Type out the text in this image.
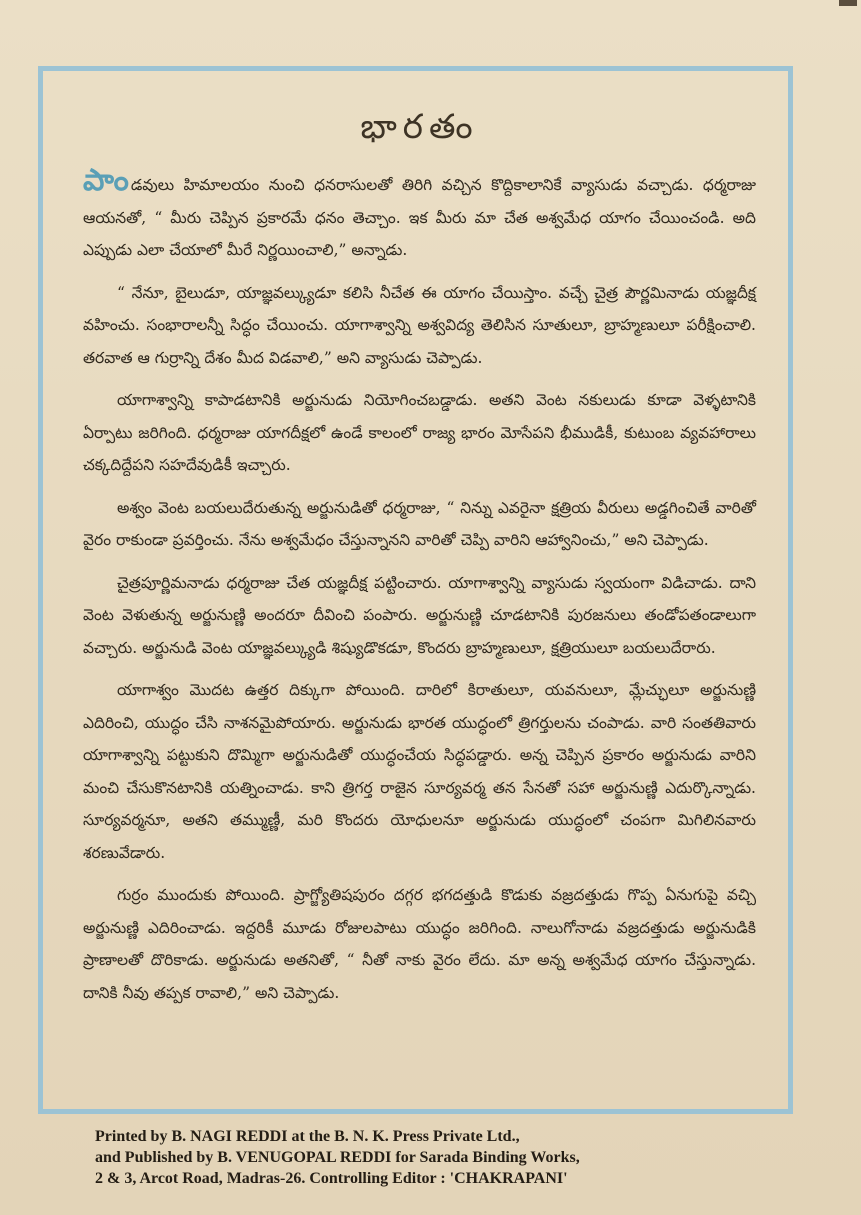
భారతం

పాండవులు హిమాలయం నుంచి ధనరాసులతో తిరిగి వచ్చిన కొద్దికాలానికే వ్యాసుడు వచ్చాడు. ధర్మరాజు ఆయనతో, “ మీరు చెప్పిన ప్రకారమే ధనం తెచ్చాం. ఇక మీరు మా చేత అశ్వమేధ యాగం చేయించండి. అది ఎప్పుడు ఎలా చేయాలో మీరే నిర్ణయించాలి,” అన్నాడు.

“ నేనూ, బైలుడూ, యాజ్ఞవల్క్యుడూ కలిసి నీచేత ఈ యాగం చేయిస్తాం. వచ్చే చైత్ర పౌర్ణమినాడు యజ్ఞదీక్ష వహించు. సంభారాలన్నీ సిద్ధం చేయించు. యాగాశ్వాన్ని అశ్వవిద్య తెలిసిన సూతులూ, బ్రాహ్మణులూ పరీక్షించాలి. తరవాత ఆ గుర్రాన్ని దేశం మీద విడవాలి,” అని వ్యాసుడు చెప్పాడు.

యాగాశ్వాన్ని కాపాడటానికి అర్జునుడు నియోగించబడ్డాడు. అతని వెంట నకులుడు కూడా వెళ్ళటానికి ఏర్పాటు జరిగింది. ధర్మరాజు యాగదీక్షలో ఉండే కాలంలో రాజ్య భారం మోసేపని భీముడికీ, కుటుంబ వ్యవహారాలు చక్కదిద్దేపని సహదేవుడికీ ఇచ్చారు.

అశ్వం వెంట బయలుదేరుతున్న అర్జునుడితో ధర్మరాజు, “ నిన్ను ఎవరైనా క్షత్రియ వీరులు అడ్డగించితే వారితో వైరం రాకుండా ప్రవర్తించు. నేను అశ్వమేధం చేస్తున్నానని వారితో చెప్పి వారిని ఆహ్వానించు,” అని చెప్పాడు.

చైత్రపూర్ణిమనాడు ధర్మరాజు చేత యజ్ఞదీక్ష పట్టించారు. యాగాశ్వాన్ని వ్యాసుడు స్వయంగా విడిచాడు. దాని వెంట వెళుతున్న అర్జునుణ్ణి అందరూ దీవించి పంపారు. అర్జునుణ్ణి చూడటానికి పురజనులు తండోపతండాలుగా వచ్చారు. అర్జునుడి వెంట యాజ్ఞవల్క్యుడి శిష్యుడొకడూ, కొందరు బ్రాహ్మణులూ, క్షత్రియులూ బయలుదేరారు.

యాగాశ్వం మొదట ఉత్తర దిక్కుగా పోయింది. దారిలో కిరాతులూ, యవనులూ, మ్లేచ్ఛులూ అర్జునుణ్ణి ఎదిరించి, యుద్ధం చేసి నాశనమైపోయారు. అర్జునుడు భారత యుద్ధంలో త్రిగర్తులను చంపాడు. వారి సంతతివారు యాగాశ్వాన్ని పట్టుకుని దొమ్మిగా అర్జునుడితో యుద్ధంచేయ సిద్ధపడ్డారు. అన్న చెప్పిన ప్రకారం అర్జునుడు వారిని మంచి చేసుకొనటానికి యత్నించాడు. కాని త్రిగర్త రాజైన సూర్యవర్మ తన సేనతో సహా అర్జునుణ్ణి ఎదుర్కొన్నాడు. సూర్యవర్మనూ, అతని తమ్ముణ్ణీ, మరి కొందరు యోధులనూ అర్జునుడు యుద్ధంలో చంపగా మిగిలినవారు శరణువేడారు.

గుర్రం ముందుకు పోయింది. ప్రాగ్జ్యోతిషపురం దగ్గర భగదత్తుడి కొడుకు వజ్రదత్తుడు గొప్ప ఏనుగుపై వచ్చి అర్జునుణ్ణి ఎదిరించాడు. ఇద్దరికీ మూడు రోజులపాటు యుద్ధం జరిగింది. నాలుగోనాడు వజ్రదత్తుడు అర్జునుడికి ప్రాణాలతో దొరికాడు. అర్జునుడు అతనితో, “ నీతో నాకు వైరం లేదు. మా అన్న అశ్వమేధ యాగం చేస్తున్నాడు. దానికి నీవు తప్పక రావాలి,” అని చెప్పాడు.

Printed by B. NAGI REDDI at the B. N. K. Press Private Ltd.,
and Published by B. VENUGOPAL REDDI for Sarada Binding Works,
2 & 3, Arcot Road, Madras-26. Controlling Editor : 'CHAKRAPANI'
